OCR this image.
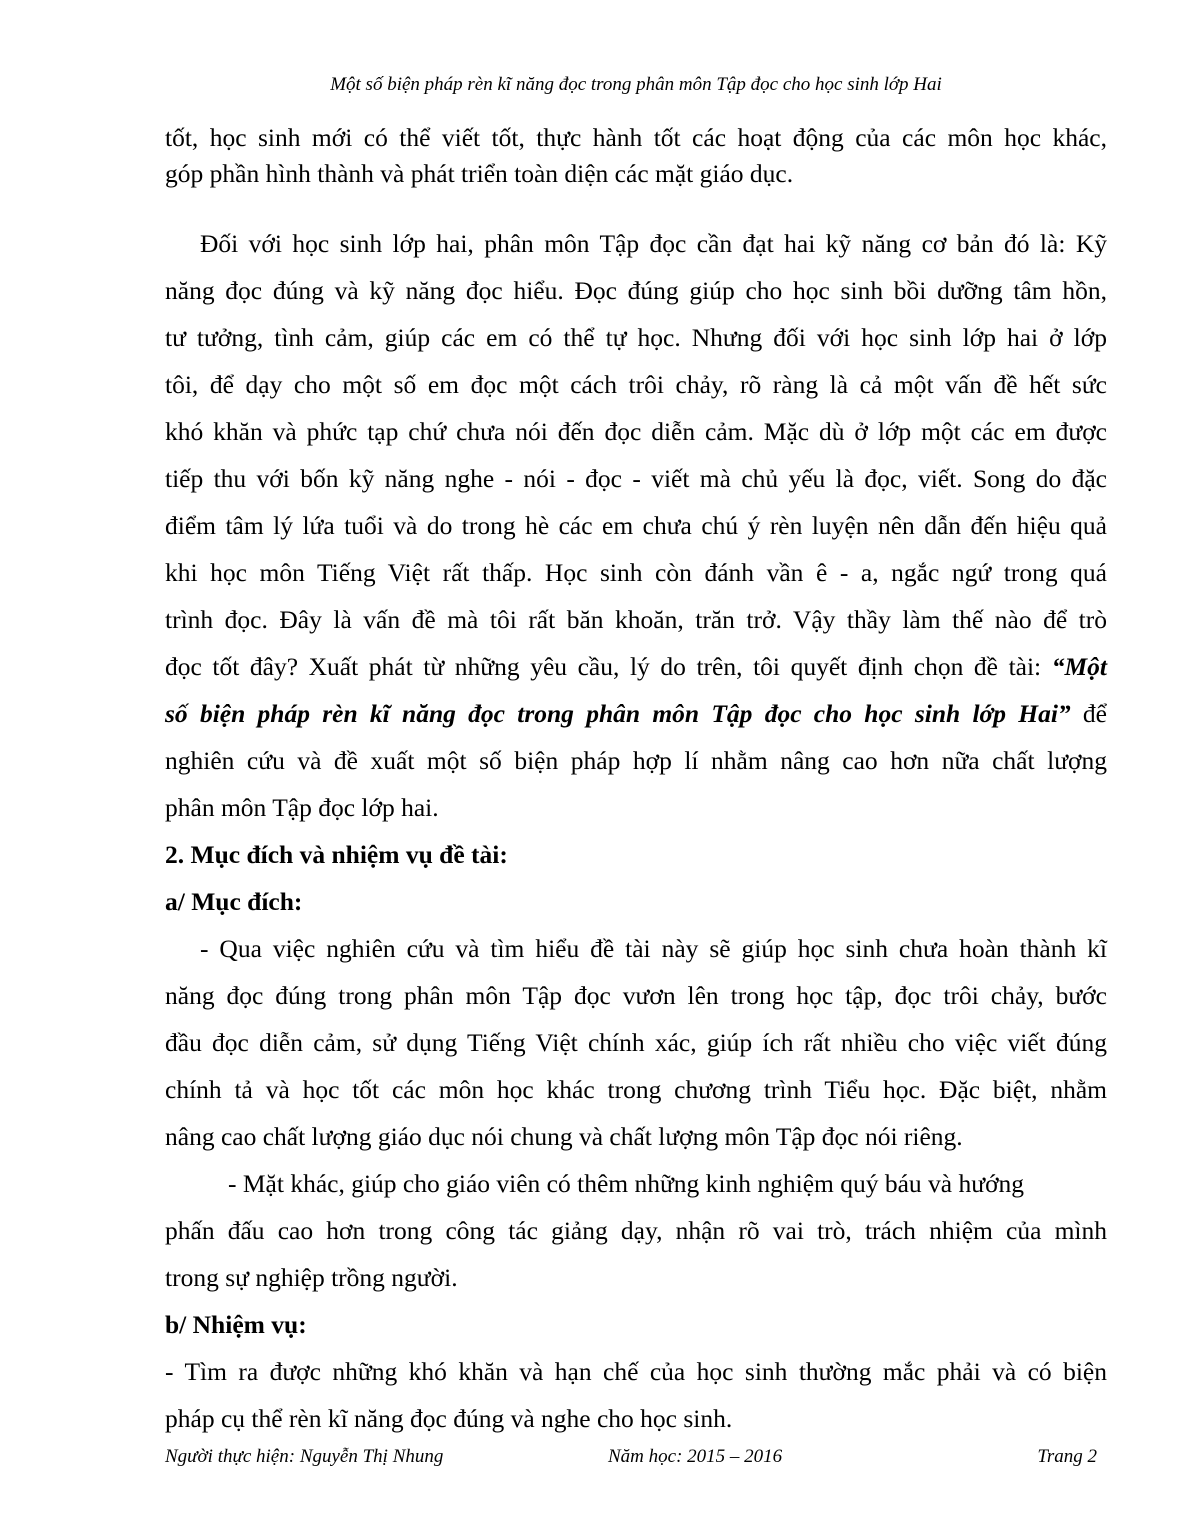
Một số biện pháp rèn kĩ năng đọc trong phân môn Tập đọc cho học sinh lớp Hai
tốt, học sinh mới có thể viết tốt, thực hành tốt các hoạt động của các môn học khác,
góp phần hình thành và phát triển toàn diện các mặt giáo dục.
Đối với học sinh lớp hai, phân môn Tập đọc cần đạt hai kỹ năng cơ bản đó là: Kỹ
năng đọc đúng và kỹ năng đọc hiểu. Đọc đúng giúp cho học sinh bồi dưỡng tâm hồn,
tư tưởng, tình cảm, giúp các em có thể tự học. Nhưng đối với học sinh lớp hai ở lớp
tôi, để dạy cho một số em đọc một cách trôi chảy, rõ ràng là cả một vấn đề hết sức
khó khăn và phức tạp chứ chưa nói đến đọc diễn cảm. Mặc dù ở lớp một các em được
tiếp thu với bốn kỹ năng nghe - nói - đọc - viết mà chủ yếu là đọc, viết. Song do đặc
điểm tâm lý lứa tuổi và do trong hè các em chưa chú ý rèn luyện nên dẫn đến hiệu quả
khi học môn Tiếng Việt rất thấp. Học sinh còn đánh vần ê - a, ngắc ngứ trong quá
trình đọc. Đây là vấn đề mà tôi rất băn khoăn, trăn trở. Vậy thầy làm thế nào để trò
đọc tốt đây? Xuất phát từ những yêu cầu, lý do trên, tôi quyết định chọn đề tài: “Một
số biện pháp rèn kĩ năng đọc trong phân môn Tập đọc cho học sinh lớp Hai” để
nghiên cứu và đề xuất một số biện pháp hợp lí nhằm nâng cao hơn nữa chất lượng
phân môn Tập đọc lớp hai.
2. Mục đích và nhiệm vụ đề tài:
a/ Mục đích:
- Qua việc nghiên cứu và tìm hiểu đề tài này sẽ giúp học sinh chưa hoàn thành kĩ
năng đọc đúng trong phân môn Tập đọc vươn lên trong học tập, đọc trôi chảy, bước
đầu đọc diễn cảm, sử dụng Tiếng Việt chính xác, giúp ích rất nhiều cho việc viết đúng
chính tả và học tốt các môn học khác trong chương trình Tiểu học. Đặc biệt, nhằm
nâng cao chất lượng giáo dục nói chung và chất lượng môn Tập đọc nói riêng.
- Mặt khác, giúp cho giáo viên có thêm những kinh nghiệm quý báu và hướng
phấn đấu cao hơn trong công tác giảng dạy, nhận rõ vai trò, trách nhiệm của mình
trong sự nghiệp trồng người.
b/ Nhiệm vụ:
- Tìm ra được những khó khăn và hạn chế của học sinh thường mắc phải và có biện
pháp cụ thể rèn kĩ năng đọc đúng và nghe cho học sinh.
Người thực hiện: Nguyễn Thị Nhung	Năm học: 2015 – 2016	Trang 2
